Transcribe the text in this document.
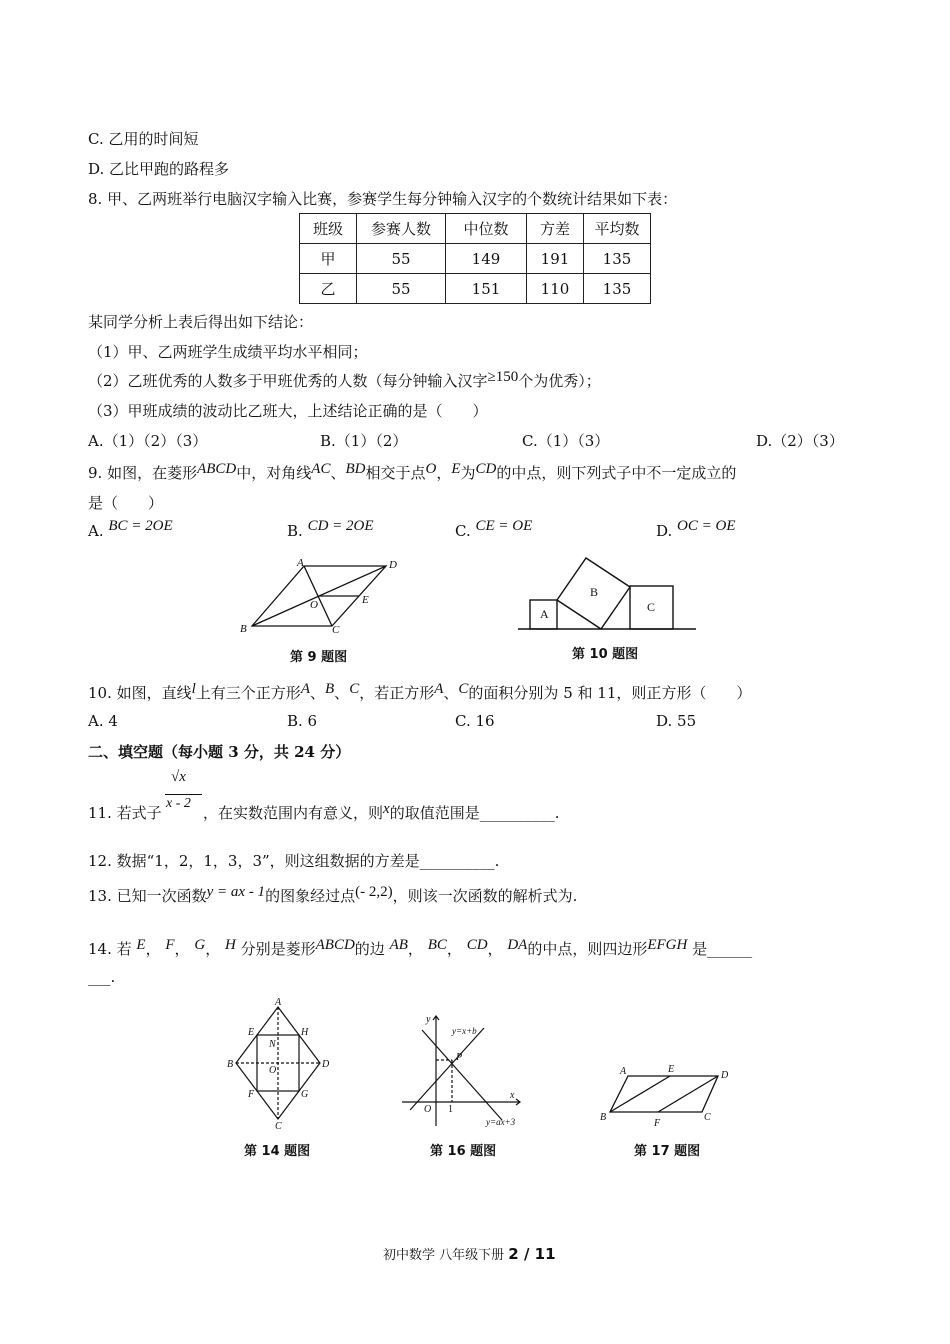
C. 乙用的时间短
D. 乙比甲跑的路程多
8. 甲、乙两班举行电脑汉字输入比赛，参赛学生每分钟输入汉字的个数统计结果如下表：
班级	参赛人数	中位数	方差	平均数
甲	55	149	191	135
乙	55	151	110	135
某同学分析上表后得出如下结论：
（1）甲、乙两班学生成绩平均水平相同；
（2）乙班优秀的人数多于甲班优秀的人数（每分钟输入汉字≥150个为优秀）；
（3）甲班成绩的波动比乙班大，上述结论正确的是（　　）
A.（1）（2）（3）	B.（1）（2）	C.（1）（3）	D.（2）（3）
9. 如图，在菱形ABCD中，对角线AC、BD相交于点O，E为CD的中点，则下列式子中不一定成立的
是（　　）
A. BC = 2OE	B. CD = 2OE	C. CE = OE	D. OC = OE
A
B	C
D
O	E
第 9 题图
A
B
C
第 10 题图
10. 如图，直线l上有三个正方形A、B、C，若正方形A、C的面积分别为 5 和 11，则正方形（　　）
A. 4	B. 6	C. 16	D. 55
二、填空题（每小题 3 分，共 24 分）
11. 若式子
√x
x - 2
，在实数范围内有意义，则x的取值范围是__________.
12. 数据“1，2，1，3，3”，则这组数据的方差是__________.
13. 已知一次函数y = ax - 1的图象经过点(- 2,2)，则该一次函数的解析式为.
14. 若 E， F， G， H 分别是菱形ABCD的边 AB， BC， CD， DA的中点，则四边形EFGH 是______
___.
A
B
C
D
E
F	G
H
N
O
第 14 题图
y
x
O 1
P
y=x+b
y=ax+3
第 16 题图
A
B	C
D
E
F
第 17 题图
初中数学 八年级下册 2 / 11
